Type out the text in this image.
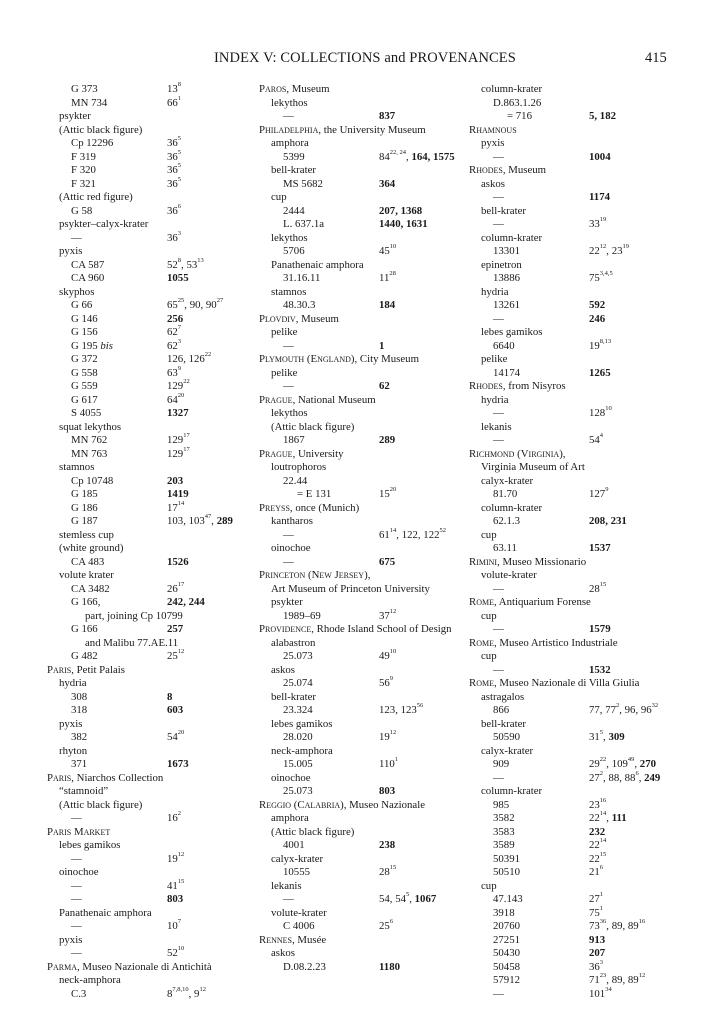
INDEX V: COLLECTIONS and PROVENANCES	415
G 373	$13^8$
MN 734	$66^1$
psykter
(Attic black figure)
Cp 12296	$36^5$
F 319	$36^5$
F 320	$36^5$
F 321	$36^5$
(Attic red figure)
G 58	$36^6$
psykter–calyx-krater
—	$36^3$
pyxis
CA 587	$52^8$, $53^{13}$
CA 960	1055
skyphos
G 66	$65^{25}$, 90, $90^{27}$
G 146	256
G 156	$62^7$
G 195 bis	$62^3$
G 372	126, $126^{22}$
G 558	$63^9$
G 559	$129^{22}$
G 617	$64^{20}$
S 4055	1327
squat lekythos
MN 762	$129^{17}$
MN 763	$129^{17}$
stamnos
Cp 10748	203
G 185	1419
G 186	$17^{14}$
G 187	103, $103^{47}$, 289
stemless cup
(white ground)
CA 483	1526
volute krater
CA 3482	$26^{17}$
G 166,	242, 244
part, joining Cp 10799
G 166	257
and Malibu 77.AE.11
G 482	$25^{12}$
Paris, Petit Palais
hydria
308	8
318	603
pyxis
382	$54^{20}$
rhyton
371	1673
Paris, Niarchos Collection
“stamnoid”
(Attic black figure)
—	$16^2$
Paris Market
lebes gamikos
—	$19^{12}$
oinochoe
—	$41^{15}$
—	803
Panathenaic amphora
—	$10^7$
pyxis
—	$52^{10}$
Parma, Museo Nazionale di Antichità
neck-amphora
C.3	8$^{7,8,10}$, $9^{12}$
Paros, Museum
lekythos
—	837
Philadelphia, the University Museum
amphora
5399	84$^{22, 24}$, 164, 1575
bell-krater
MS 5682	364
cup
2444	207, 1368
L. 637.1a	1440, 1631
lekythos
5706	$45^{10}$
Panathenaic amphora
31.16.11	$11^{28}$
stamnos
48.30.3	184
Plovdiv, Museum
pelike
—	1
Plymouth (England), City Museum
pelike
—	62
Prague, National Museum
lekythos
(Attic black figure)
1867	289
Prague, University
loutrophoros
22.44
= E 131	$15^{20}$
Preyss, once (Munich)
kantharos
—	$61^{14}$, 122, $122^{52}$
oinochoe
—	675
Princeton (New Jersey),
Art Museum of Princeton University
psykter
1989–69	$37^{12}$
Providence, Rhode Island School of Design
alabastron
25.073	$49^{10}$
askos
25.074	$56^9$
bell-krater
23.324	123, $123^{56}$
lebes gamikos
28.020	$19^{12}$
neck-amphora
15.005	$110^1$
oinochoe
25.073	803
Reggio (Calabria), Museo Nazionale
amphora
(Attic black figure)
4001	238
calyx-krater
10555	$28^{15}$
lekanis
—	54, $54^5$, 1067
volute-krater
C 4006	$25^6$
Rennes, Musée
askos
D.08.2.23	1180
column-krater
D.863.1.26
= 716	5, 182
Rhamnous
pyxis
—	1004
Rhodes, Museum
askos
—	1174
bell-krater
—	$33^{19}$
column-krater
13301	$22^{12}$, $23^{19}$
epinetron
13886	75$^{3,4,5}$
hydria
13261	592
—	246
lebes gamikos
6640	19$^{8,13}$
pelike
14174	1265
Rhodes, from Nisyros
hydria
—	$128^{10}$
lekanis
—	$54^4$
Richmond (Virginia),
Virginia Museum of Art
calyx-krater
81.70	$127^9$
column-krater
62.1.3	208, 231
cup
63.11	1537
Rimini, Museo Missionario
volute-krater
—	$28^{15}$
Rome, Antiquarium Forense
cup
—	1579
Rome, Museo Artistico Industriale
cup
—	1532
Rome, Museo Nazionale di Villa Giulia
astragalos
866	77, $77^2$, 96, $96^{32}$
bell-krater
50590	$31^5$, 309
calyx-krater
909	$29^{22}$, $109^{49}$, 270
—	$27^2$, 88, $88^6$, 249
column-krater
985	$23^{16}$
3582	$22^{14}$, 111
3583	232
3589	$22^{14}$
50391	$22^{15}$
50510	$21^6$
cup
47.143	$27^1$
3918	$75^1$
20760	$73^{36}$, 89, $89^{16}$
27251	913
50430	207
50458	$36^3$
57912	$71^{23}$, 89, $89^{12}$
—	$101^{34}$
